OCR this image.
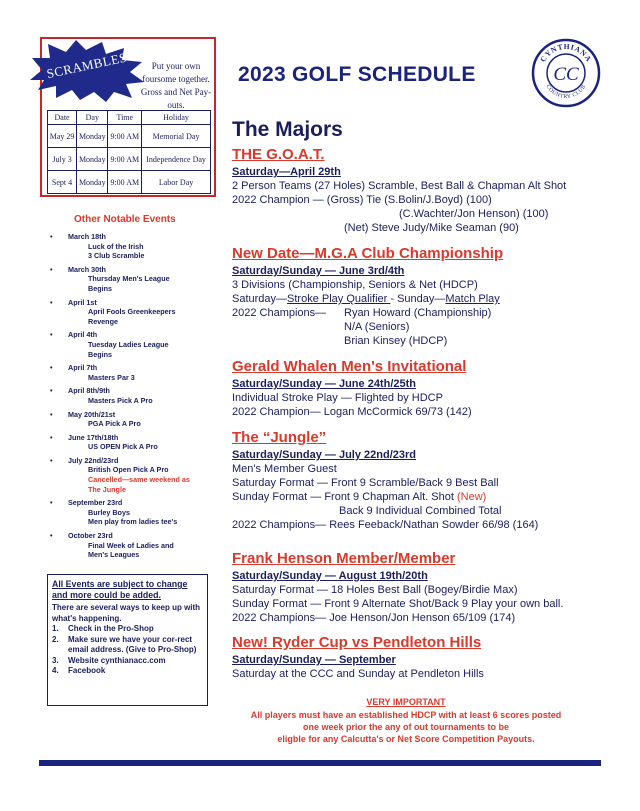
SCRAMBLES	Put your own
foursome together.
Gross and Net Pay-outs.
Date	Day	Time	Holiday
May 29	Monday	9:00 AM	Memorial Day
July 3	Monday	9:00 AM	Independence Day
Sept 4	Monday	9:00 AM	Labor Day
2023 GOLF SCHEDULE
CYNTHIANA
COUNTRY CLUB
CC
Other Notable Events
• March 18th
Luck of the Irish
3 Club Scramble
• March 30th
Thursday Men's League
Begins
• April 1st
April Fools Greenkeepers
Revenge
• April 4th
Tuesday Ladies League
Begins
• April 7th
Masters Par 3
• April 8th/9th
Masters Pick A Pro
• May 20th/21st
PGA Pick A Pro
• June 17th/18th
US OPEN Pick A Pro
• July 22nd/23rd
British Open Pick A Pro
Cancelled—same weekend as
The Jungle
• September 23rd
Burley Boys
Men play from ladies tee's
• October 23rd
Final Week of Ladies and
Men's Leagues
All Events are subject to change and more could be added.
There are several ways to keep up with what's happening.
1. Check in the Pro-Shop
2. Make sure we have your cor-rect email address. (Give to Pro-Shop)
3. Website cynthianacc.com
4. Facebook
The Majors
THE G.O.A.T.
Saturday—April 29th
2 Person Teams (27 Holes) Scramble, Best Ball & Chapman Alt Shot
2022 Champion — (Gross) Tie (S.Bolin/J.Boyd) (100)
(C.Wachter/Jon Henson) (100)
(Net) Steve Judy/Mike Seaman (90)
New Date—M.G.A Club Championship
Saturday/Sunday — June 3rd/4th
3 Divisions (Championship, Seniors & Net (HDCP)
Saturday—Stroke Play Qualifier - Sunday—Match Play
2022 Champions— Ryan Howard (Championship)
N/A (Seniors)
Brian Kinsey (HDCP)
Gerald Whalen Men's Invitational
Saturday/Sunday — June 24th/25th
Individual Stroke Play — Flighted by HDCP
2022 Champion— Logan McCormick 69/73 (142)
The “Jungle”
Saturday/Sunday — July 22nd/23rd
Men's Member Guest
Saturday Format — Front 9 Scramble/Back 9 Best Ball
Sunday Format — Front 9 Chapman Alt. Shot (New)
Back 9 Individual Combined Total
2022 Champions— Rees Feeback/Nathan Sowder 66/98 (164)
Frank Henson Member/Member
Saturday/Sunday — August 19th/20th
Saturday Format — 18 Holes Best Ball (Bogey/Birdie Max)
Sunday Format — Front 9 Alternate Shot/Back 9 Play your own ball.
2022 Champions— Joe Henson/Jon Henson 65/109 (174)
New! Ryder Cup vs Pendleton Hills
Saturday/Sunday — September
Saturday at the CCC and Sunday at Pendleton Hills
VERY IMPORTANT
All players must have an established HDCP with at least 6 scores posted
one week prior the any of out tournaments to be
eligble for any Calcutta's or Net Score Competition Payouts.
